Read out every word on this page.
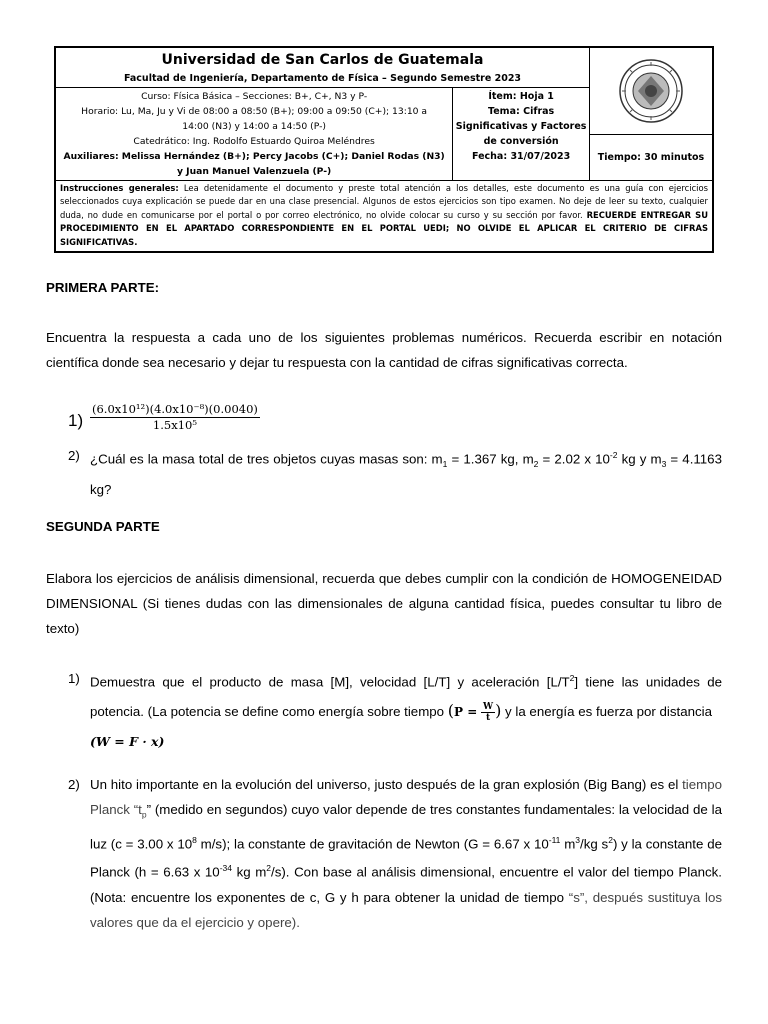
Universidad de San Carlos de Guatemala
Facultad de Ingeniería, Departamento de Física – Segundo Semestre 2023
Curso: Física Básica – Secciones: B+, C+, N3 y P-
Horario: Lu, Ma, Ju y Vi de 08:00 a 08:50 (B+); 09:00 a 09:50 (C+); 13:10 a
14:00 (N3) y 14:00 a 14:50 (P-)
Catedrático: Ing. Rodolfo Estuardo Quiroa Meléndres
Auxiliares: Melissa Hernández (B+); Percy Jacobs (C+); Daniel Rodas (N3)
y Juan Manuel Valenzuela (P-)
Ítem: Hoja 1
Tema: Cifras
Significativas y Factores
de conversión
Fecha: 31/07/2023	Tiempo: 30 minutos
Instrucciones generales: Lea detenidamente el documento y preste total atención a los detalles, este documento es una guía con ejercicios seleccionados cuya explicación se puede dar en una clase presencial. Algunos de estos ejercicios son tipo examen. No deje de leer su texto, cualquier duda, no dude en comunicarse por el portal o por correo electrónico, no olvide colocar su curso y su sección por favor. RECUERDE ENTREGAR SU PROCEDIMIENTO EN EL APARTADO CORRESPONDIENTE EN EL PORTAL UEDI; NO OLVIDE EL APLICAR EL CRITERIO DE CIFRAS SIGNIFICATIVAS.
PRIMERA PARTE:
Encuentra la respuesta a cada uno de los siguientes problemas numéricos. Recuerda escribir en notación científica donde sea necesario y dejar tu respuesta con la cantidad de cifras significativas correcta.
$1) \frac{\text{(6.0x10¹²)(4.0x10⁻⁸)(0.0040)}}{\text{1.5x10⁵}}$
2) ¿Cuál es la masa total de tres objetos cuyas masas son: $m_1 = 1.367$ kg, $m_2 = 2.02$ x $10^{-2}$ kg y $m_3 = 4.1163$ kg?
SEGUNDA PARTE
Elabora los ejercicios de análisis dimensional, recuerda que debes cumplir con la condición de HOMOGENEIDAD DIMENSIONAL (Si tienes dudas con las dimensionales de alguna cantidad física, puedes consultar tu libro de texto)
1) Demuestra que el producto de masa [M], velocidad [L/T] y aceleración $[L/T^2]$ tiene las unidades de potencia. (La potencia se define como energía sobre tiempo ($P = \frac{W}{t}$ ) y la energía es fuerza por distancia
(W = F · x)
2) Un hito importante en la evolución del universo, justo después de la gran explosión (Big Bang) es el tiempo Planck “$t_p$” (medido en segundos) cuyo valor depende de tres constantes fundamentales: la velocidad de la luz (c = 3.00 x $10^8$ m/s); la constante de gravitación de Newton (G = 6.67 x $10^{-11}$ $m^3/kg$ $s^2$) y la constante de Planck (h = 6.63 x $10^{-34}$ kg $m^2/s$). Con base al análisis dimensional, encuentre el valor del tiempo Planck. (Nota: encuentre los exponentes de c, G y h para obtener la unidad de tiempo “s”, después sustituya los valores que da el ejercicio y opere).
